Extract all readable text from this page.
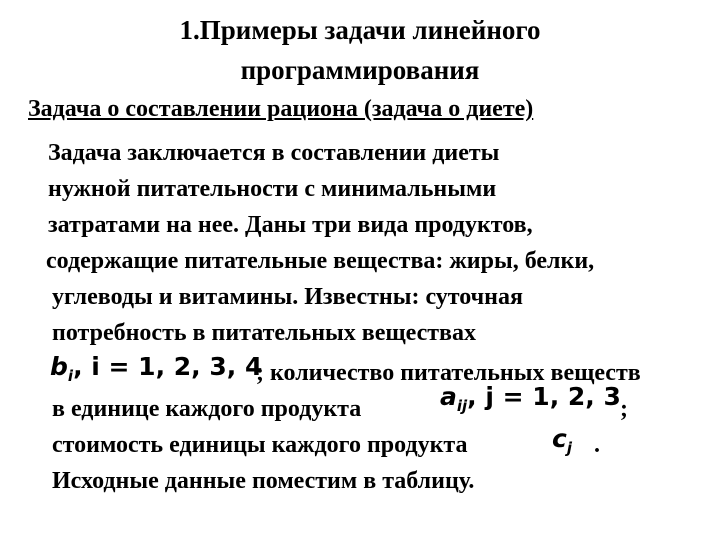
1.Примеры задачи линейного
программирования
Задача о составлении рациона (задача о диете)
Задача заключается в составлении диеты
нужной питательности с минимальными
затратами на нее. Даны три вида продуктов,
содержащие питательные вещества: жиры, белки,
углеводы и витамины. Известны: суточная
потребность в питательных веществах
$b_i$, i = 1, 2, 3, 4
; количество питательных веществ
в единице каждого продукта	$a_{ij}$, j = 1, 2, 3 ;
стоимость единицы каждого продукта	$c_j$ .
Исходные данные поместим в таблицу.
